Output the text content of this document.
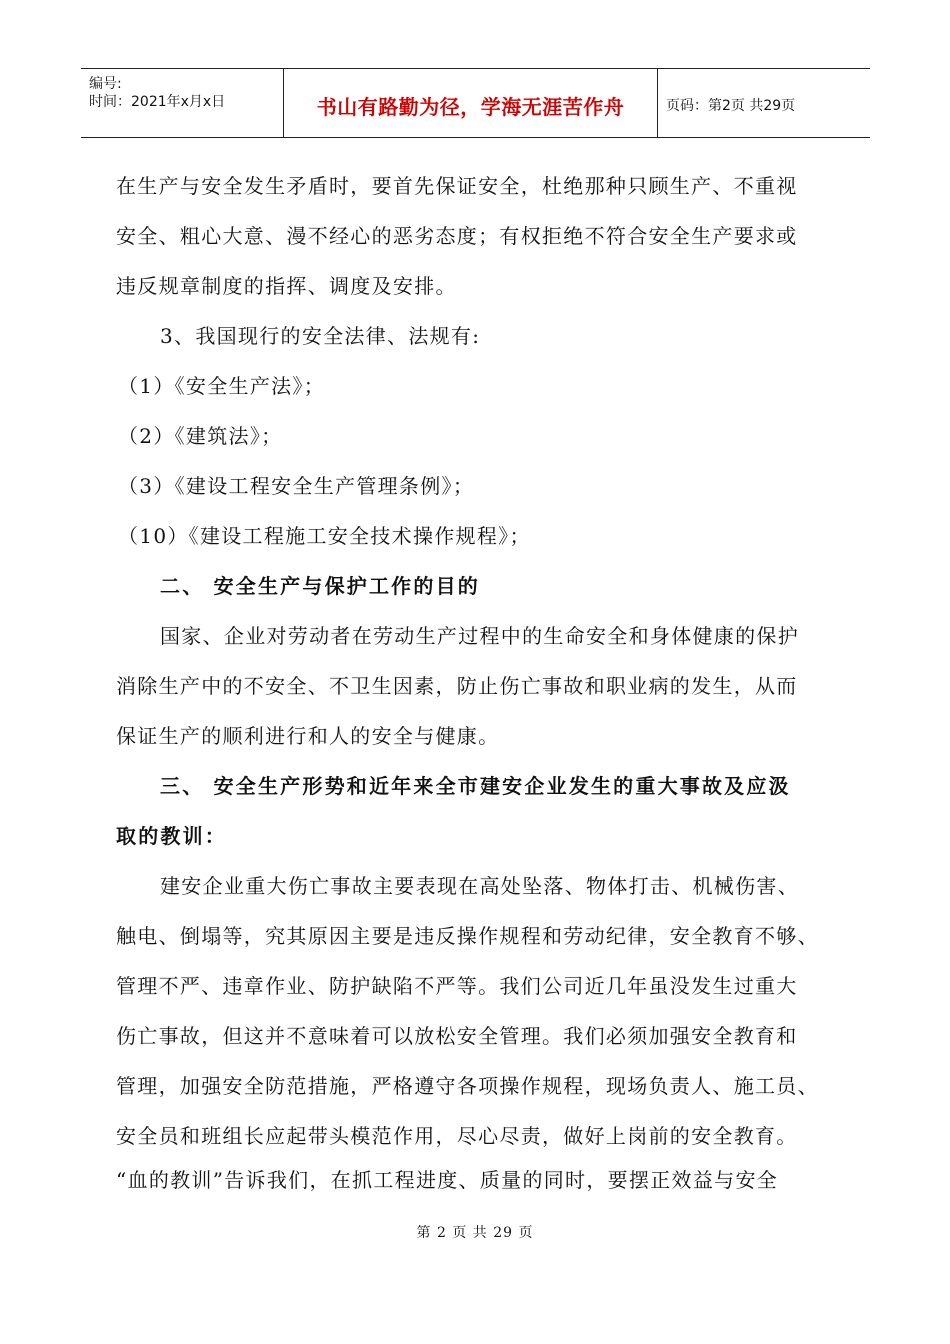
编号:
时间：2021年x月x日	书山有路勤为径，学海无涯苦作舟	页码：第2页 共29页
在生产与安全发生矛盾时，要首先保证安全，杜绝那种只顾生产、不重视
安全、粗心大意、漫不经心的恶劣态度；有权拒绝不符合安全生产要求或
违反规章制度的指挥、调度及安排。
3、我国现行的安全法律、法规有:
（1）《安全生产法》；
（2）《建筑法》；
（3）《建设工程安全生产管理条例》；
（10）《建设工程施工安全技术操作规程》；
二、 安全生产与保护工作的目的
国家、企业对劳动者在劳动生产过程中的生命安全和身体健康的保护
消除生产中的不安全、不卫生因素，防止伤亡事故和职业病的发生，从而
保证生产的顺利进行和人的安全与健康。
三、 安全生产形势和近年来全市建安企业发生的重大事故及应汲
取的教训：
建安企业重大伤亡事故主要表现在高处坠落、物体打击、机械伤害、
触电、倒塌等，究其原因主要是违反操作规程和劳动纪律，安全教育不够、
管理不严、违章作业、防护缺陷不严等。我们公司近几年虽没发生过重大
伤亡事故，但这并不意味着可以放松安全管理。我们必须加强安全教育和
管理，加强安全防范措施，严格遵守各项操作规程，现场负责人、施工员、
安全员和班组长应起带头模范作用，尽心尽责，做好上岗前的安全教育。
“血的教训”告诉我们，在抓工程进度、质量的同时，要摆正效益与安全
第 2 页 共 29 页
